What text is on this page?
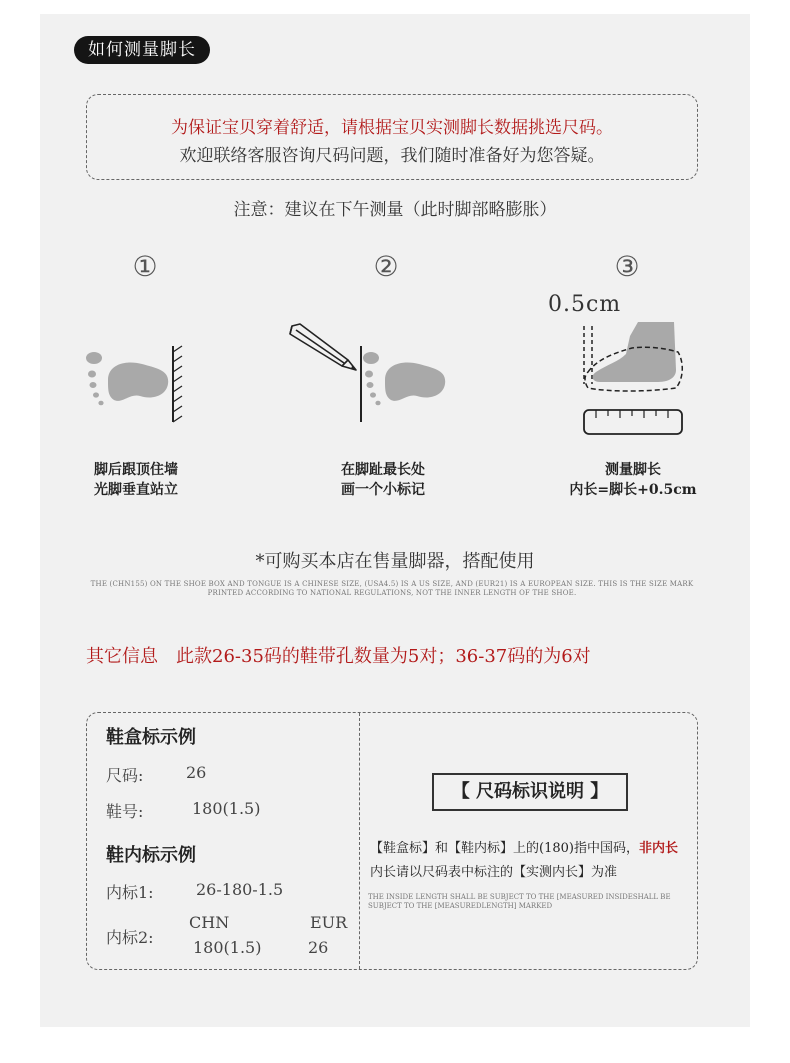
如何测量脚长
为保证宝贝穿着舒适，请根据宝贝实测脚长数据挑选尺码。
欢迎联络客服咨询尺码问题，我们随时准备好为您答疑。
注意：建议在下午测量（此时脚部略膨胀）
①	②	③
0.5cm
脚后跟顶住墙
光脚垂直站立
在脚趾最长处
画一个小标记
测量脚长
内长=脚长+0.5cm
*可购买本店在售量脚器，搭配使用
THE (CHN155) ON THE SHOE BOX AND TONGUE IS A CHINESE SIZE, (USA4.5) IS A US SIZE, AND (EUR21) IS A EUROPEAN SIZE. THIS IS THE SIZE MARK PRINTED ACCORDING TO NATIONAL REGULATIONS, NOT THE INNER LENGTH OF THE SHOE.
其它信息　此款26-35码的鞋带孔数量为5对；36-37码的为6对
鞋盒标示例
尺码:	26
鞋号:	180(1.5)
鞋内标示例
内标1:	26-180-1.5
内标2:
CHN	EUR
180(1.5)	26
【 尺码标识说明 】
【鞋盒标】和【鞋内标】上的(180)指中国码，非内长
内长请以尺码表中标注的【实测内长】为准
THE INSIDE LENGTH SHALL BE SUBJECT TO THE [MEASURED INSIDESHALL BE SUBJECT TO THE [MEASUREDLENGTH] MARKED
